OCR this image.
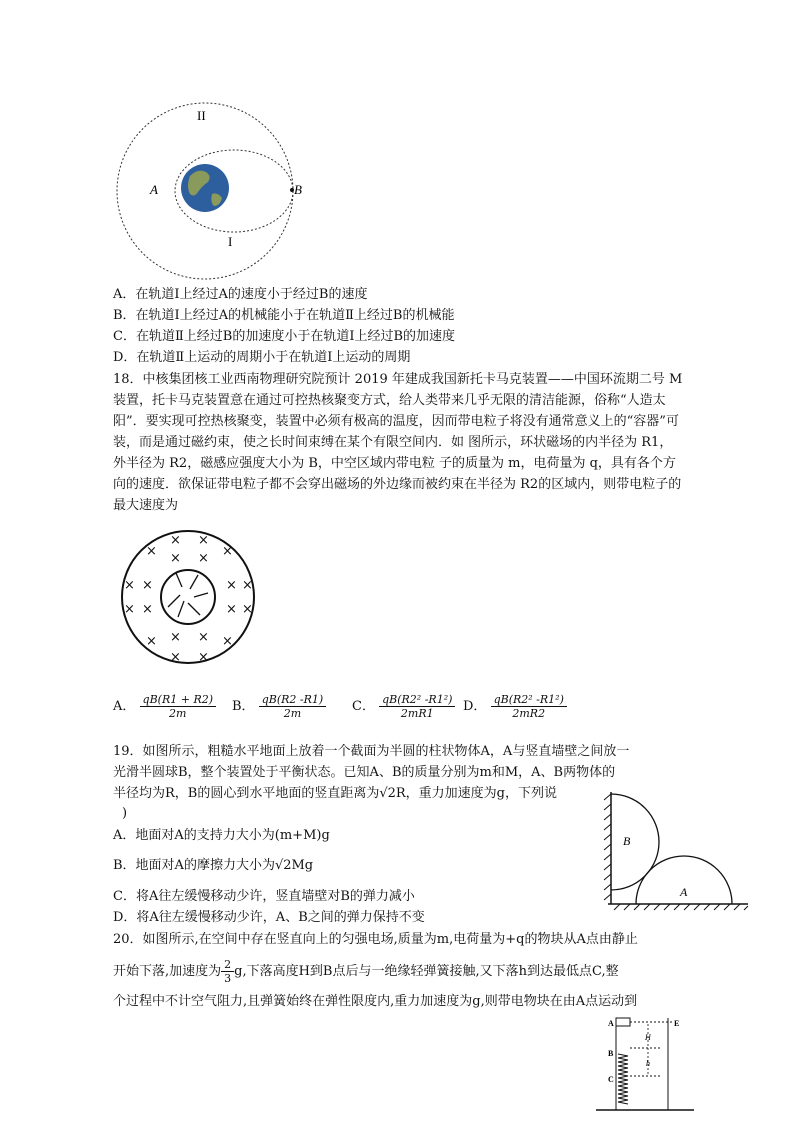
II
I
A	B
A．在轨道I上经过A的速度小于经过B的速度
B．在轨道Ⅰ上经过A的机械能小于在轨道Ⅱ上经过B的机械能
C．在轨道Ⅱ上经过B的加速度小于在轨道I上经过B的加速度
D．在轨道Ⅱ上运动的周期小于在轨道I上运动的周期
18．中核集团核工业西南物理研究院预计 2019 年建成我国新托卡马克装置——中国环流期二号 M装置，托卡马克装置意在通过可控热核聚变方式，给人类带来几乎无限的清洁能源，俗称“人造太阳”．要实现可控热核聚变，装置中必须有极高的温度，因而带电粒子将没有通常意义上的“容器”可装，而是通过磁约束，使之长时间束缚在某个有限空间内．如 图所示，环状磁场的内半径为 R1，外半径为 R2，磁感应强度大小为 B，中空区域内带电粒 子的质量为 m，电荷量为 q，具有各个方向的速度．欲保证带电粒子都不会穿出磁场的外边缘而被约束在半径为 R2的区域内，则带电粒子的最大速度为
×
× ×
×
× ×
× ×	× ×
× ×	× ×
× ×
×	×
× ×
A． $\frac{qB(R1 + R2)}{2m}$ B． $\frac{qB(R2 -R1)}{2m}$ C． $\frac{\text{qB(R2² -R1²)}}{2mR1}$ D． $\frac{\text{qB(R2² -R1²)}}{2mR2}$
19．如图所示，粗糙水平地面上放着一个截面为半圆的柱状物体A，A与竖直墙壁之间放一
光滑半圆球B，整个装置处于平衡状态。已知A、B的质量分别为m和M，A、B两物体的
半径均为R，B的圆心到水平地面的竖直距离为√2R，重力加速度为g，下列说
)
A．地面对A的支持力大小为(m+M)g
B．地面对A的摩擦力大小为√2Mg
C．将A往左缓慢移动少许，竖直墙壁对B的弹力减小
D．将A往左缓慢移动少许，A、B之间的弹力保持不变
A
B
20．如图所示,在空间中存在竖直向上的匀强电场,质量为m,电荷量为+q的物块从A点由静止
开始下落,加速度为 $\frac{2}{3} g$,下落高度H到B点后与一绝缘轻弹簧接触,又下落h到达最低点C,整
个过程中不计空气阻力,且弹簧始终在弹性限度内,重力加速度为g,则带电物块在由A点运动到
A	E
B
C
H
h
